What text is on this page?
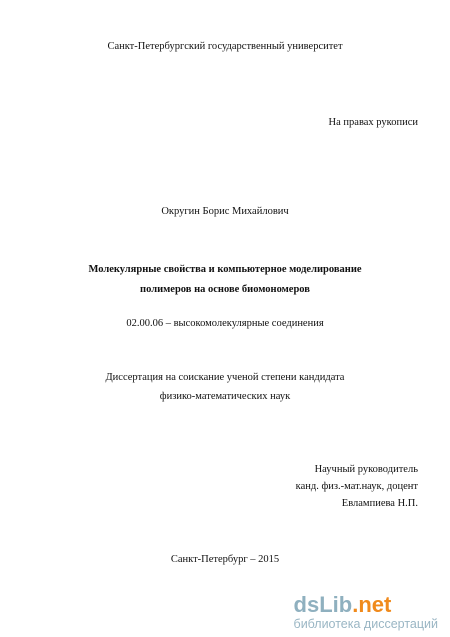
Санкт-Петербургский государственный университет
На правах рукописи
Округин Борис Михайлович
Молекулярные свойства и компьютерное моделирование
полимеров на основе биомономеров
02.00.06 – высокомолекулярные соединения
Диссертация на соискание ученой степени кандидата
физико-математических наук
Научный руководитель
канд. физ.-мат.наук, доцент
Евлампиева Н.П.
Санкт-Петербург – 2015
dsLib.net
библиотека диссертаций
